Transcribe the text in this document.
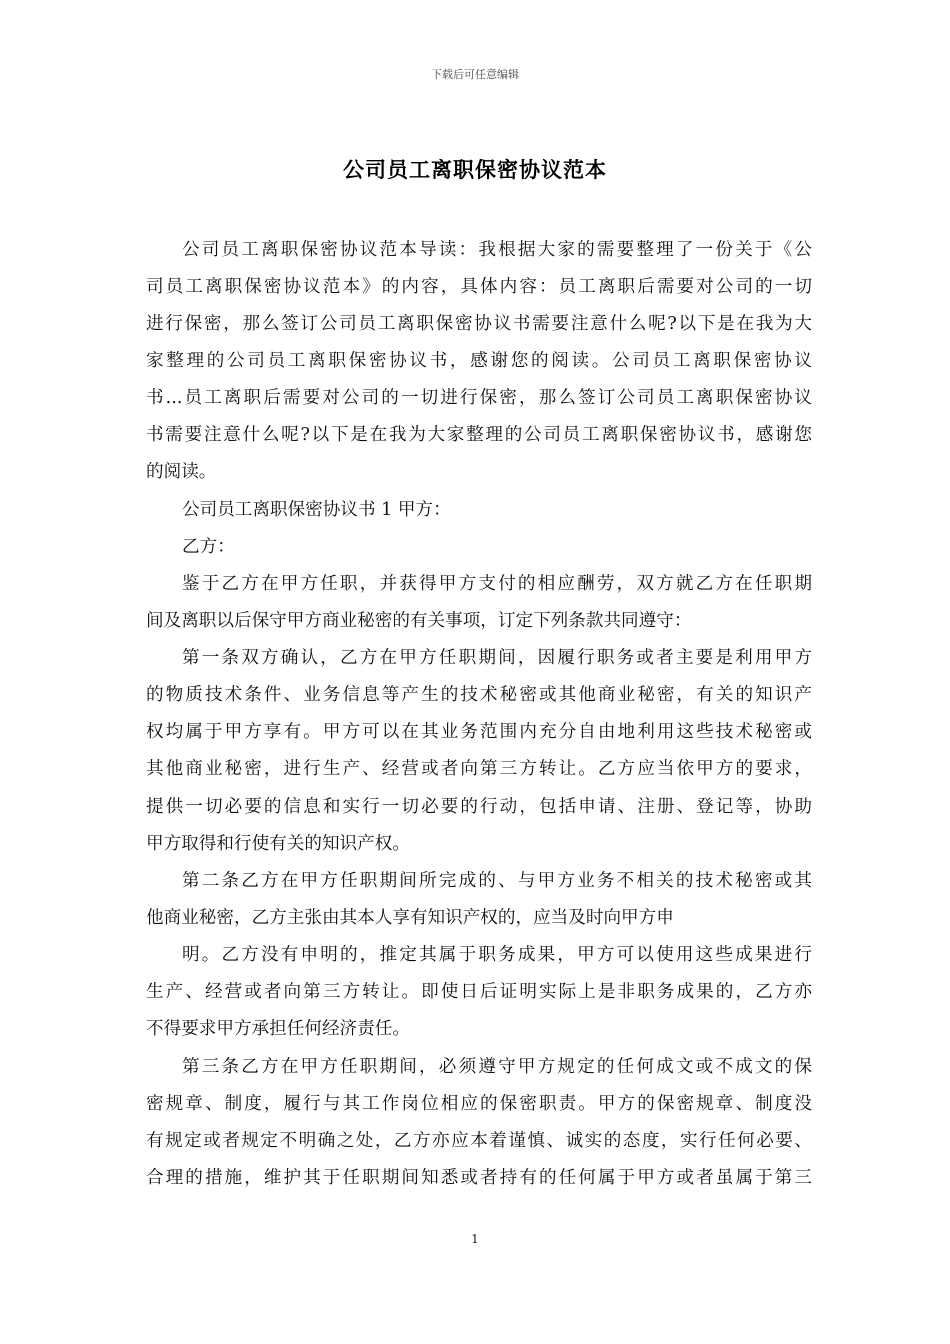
下载后可任意编辑
公司员工离职保密协议范本
公司员工离职保密协议范本导读：我根据大家的需要整理了一份关于《公
司员工离职保密协议范本》的内容，具体内容：员工离职后需要对公司的一切
进行保密，那么签订公司员工离职保密协议书需要注意什么呢?以下是在我为大
家整理的公司员工离职保密协议书，感谢您的阅读。公司员工离职保密协议
书...员工离职后需要对公司的一切进行保密，那么签订公司员工离职保密协议
书需要注意什么呢?以下是在我为大家整理的公司员工离职保密协议书，感谢您
的阅读。
公司员工离职保密协议书 1 甲方：
乙方：
鉴于乙方在甲方任职，并获得甲方支付的相应酬劳，双方就乙方在任职期
间及离职以后保守甲方商业秘密的有关事项，订定下列条款共同遵守：
第一条双方确认，乙方在甲方任职期间，因履行职务或者主要是利用甲方
的物质技术条件、业务信息等产生的技术秘密或其他商业秘密，有关的知识产
权均属于甲方享有。甲方可以在其业务范围内充分自由地利用这些技术秘密或
其他商业秘密，进行生产、经营或者向第三方转让。乙方应当依甲方的要求，
提供一切必要的信息和实行一切必要的行动，包括申请、注册、登记等，协助
甲方取得和行使有关的知识产权。
第二条乙方在甲方任职期间所完成的、与甲方业务不相关的技术秘密或其
他商业秘密，乙方主张由其本人享有知识产权的，应当及时向甲方申
明。乙方没有申明的，推定其属于职务成果，甲方可以使用这些成果进行
生产、经营或者向第三方转让。即使日后证明实际上是非职务成果的，乙方亦
不得要求甲方承担任何经济责任。
第三条乙方在甲方任职期间，必须遵守甲方规定的任何成文或不成文的保
密规章、制度，履行与其工作岗位相应的保密职责。甲方的保密规章、制度没
有规定或者规定不明确之处，乙方亦应本着谨慎、诚实的态度，实行任何必要、
合理的措施，维护其于任职期间知悉或者持有的任何属于甲方或者虽属于第三
1
